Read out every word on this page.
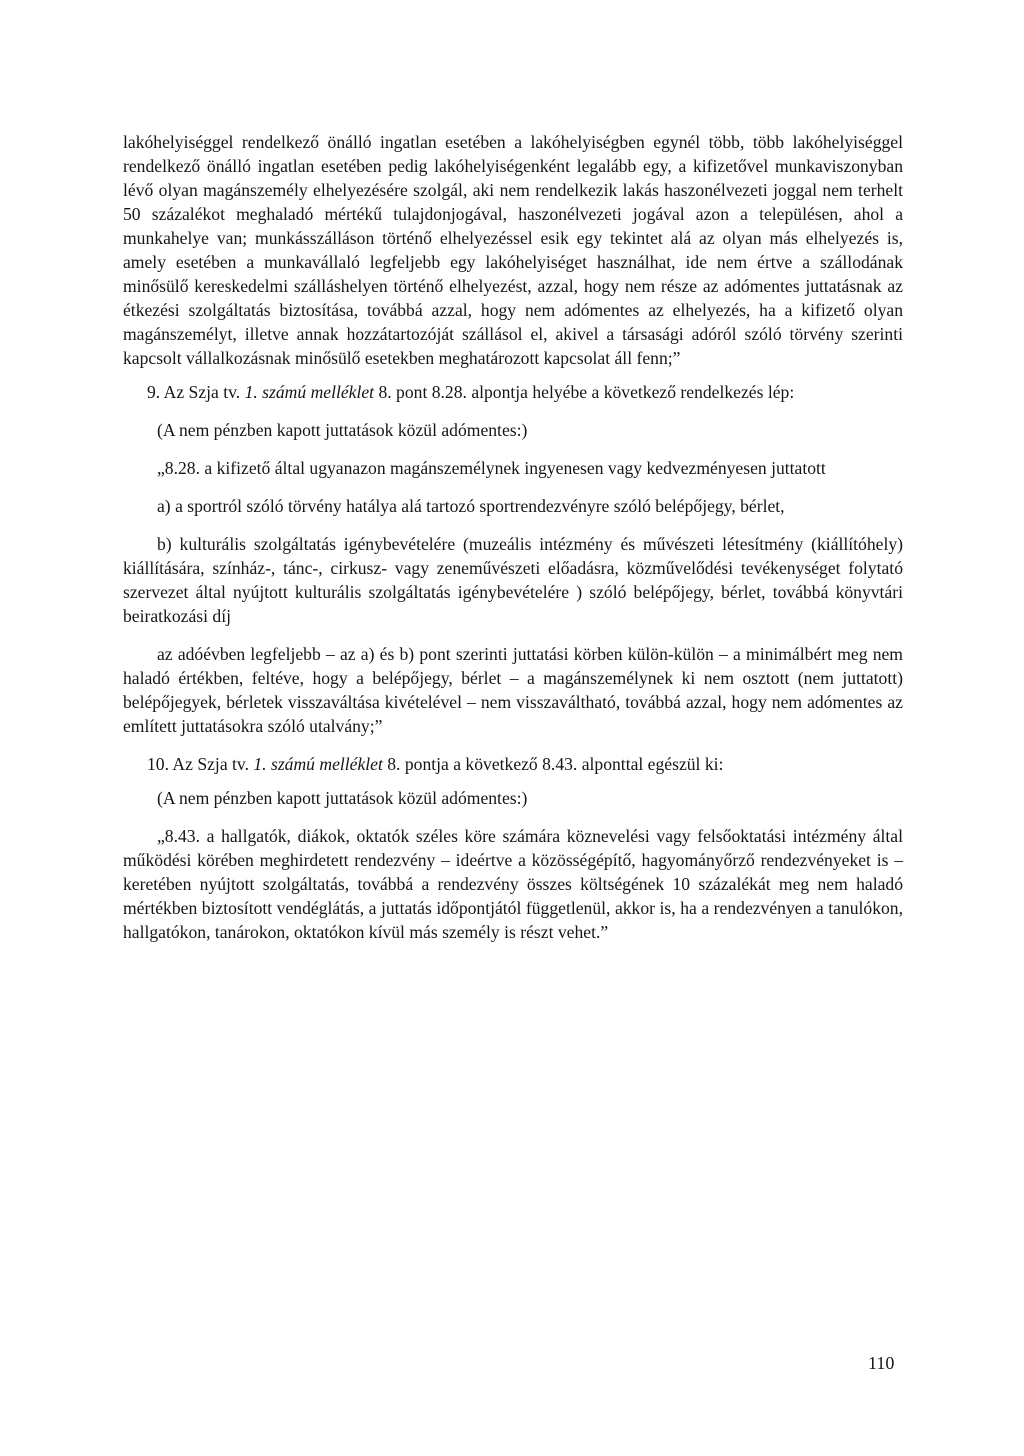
lakóhelyiséggel rendelkező önálló ingatlan esetében a lakóhelyiségben egynél több, több lakóhelyiséggel rendelkező önálló ingatlan esetében pedig lakóhelyiségenként legalább egy, a kifizetővel munkaviszonyban lévő olyan magánszemély elhelyezésére szolgál, aki nem rendelkezik lakás haszonélvezeti joggal nem terhelt 50 százalékot meghaladó mértékű tulajdonjogával, haszonélvezeti jogával azon a településen, ahol a munkahelye van; munkásszálláson történő elhelyezéssel esik egy tekintet alá az olyan más elhelyezés is, amely esetében a munkavállaló legfeljebb egy lakóhelyiséget használhat, ide nem értve a szállodának minősülő kereskedelmi szálláshelyen történő elhelyezést, azzal, hogy nem része az adómentes juttatásnak az étkezési szolgáltatás biztosítása, továbbá azzal, hogy nem adómentes az elhelyezés, ha a kifizető olyan magánszemélyt, illetve annak hozzátartozóját szállásol el, akivel a társasági adóról szóló törvény szerinti kapcsolt vállalkozásnak minősülő esetekben meghatározott kapcsolat áll fenn;”

9. Az Szja tv. 1. számú melléklet 8. pont 8.28. alpontja helyébe a következő rendelkezés lép:

(A nem pénzben kapott juttatások közül adómentes:)

„8.28. a kifizető által ugyanazon magánszemélynek ingyenesen vagy kedvezményesen juttatott

a) a sportról szóló törvény hatálya alá tartozó sportrendezvényre szóló belépőjegy, bérlet,

b) kulturális szolgáltatás igénybevételére (muzeális intézmény és művészeti létesítmény (kiállítóhely) kiállítására, színház-, tánc-, cirkusz- vagy zeneművészeti előadásra, közművelődési tevékenységet folytató szervezet által nyújtott kulturális szolgáltatás igénybevételére ) szóló belépőjegy, bérlet, továbbá könyvtári beiratkozási díj

az adóévben legfeljebb – az a) és b) pont szerinti juttatási körben külön-külön – a minimálbért meg nem haladó értékben, feltéve, hogy a belépőjegy, bérlet – a magánszemélynek ki nem osztott (nem juttatott) belépőjegyek, bérletek visszaváltása kivételével – nem visszaváltható, továbbá azzal, hogy nem adómentes az említett juttatásokra szóló utalvány;”

10. Az Szja tv. 1. számú melléklet 8. pontja a következő 8.43. alponttal egészül ki:

(A nem pénzben kapott juttatások közül adómentes:)

„8.43. a hallgatók, diákok, oktatók széles köre számára köznevelési vagy felsőoktatási intézmény által működési körében meghirdetett rendezvény – ideértve a közösségépítő, hagyományőrző rendezvényeket is – keretében nyújtott szolgáltatás, továbbá a rendezvény összes költségének 10 százalékát meg nem haladó mértékben biztosított vendéglátás, a juttatás időpontjától függetlenül, akkor is, ha a rendezvényen a tanulókon, hallgatókon, tanárokon, oktatókon kívül más személy is részt vehet.”

110
